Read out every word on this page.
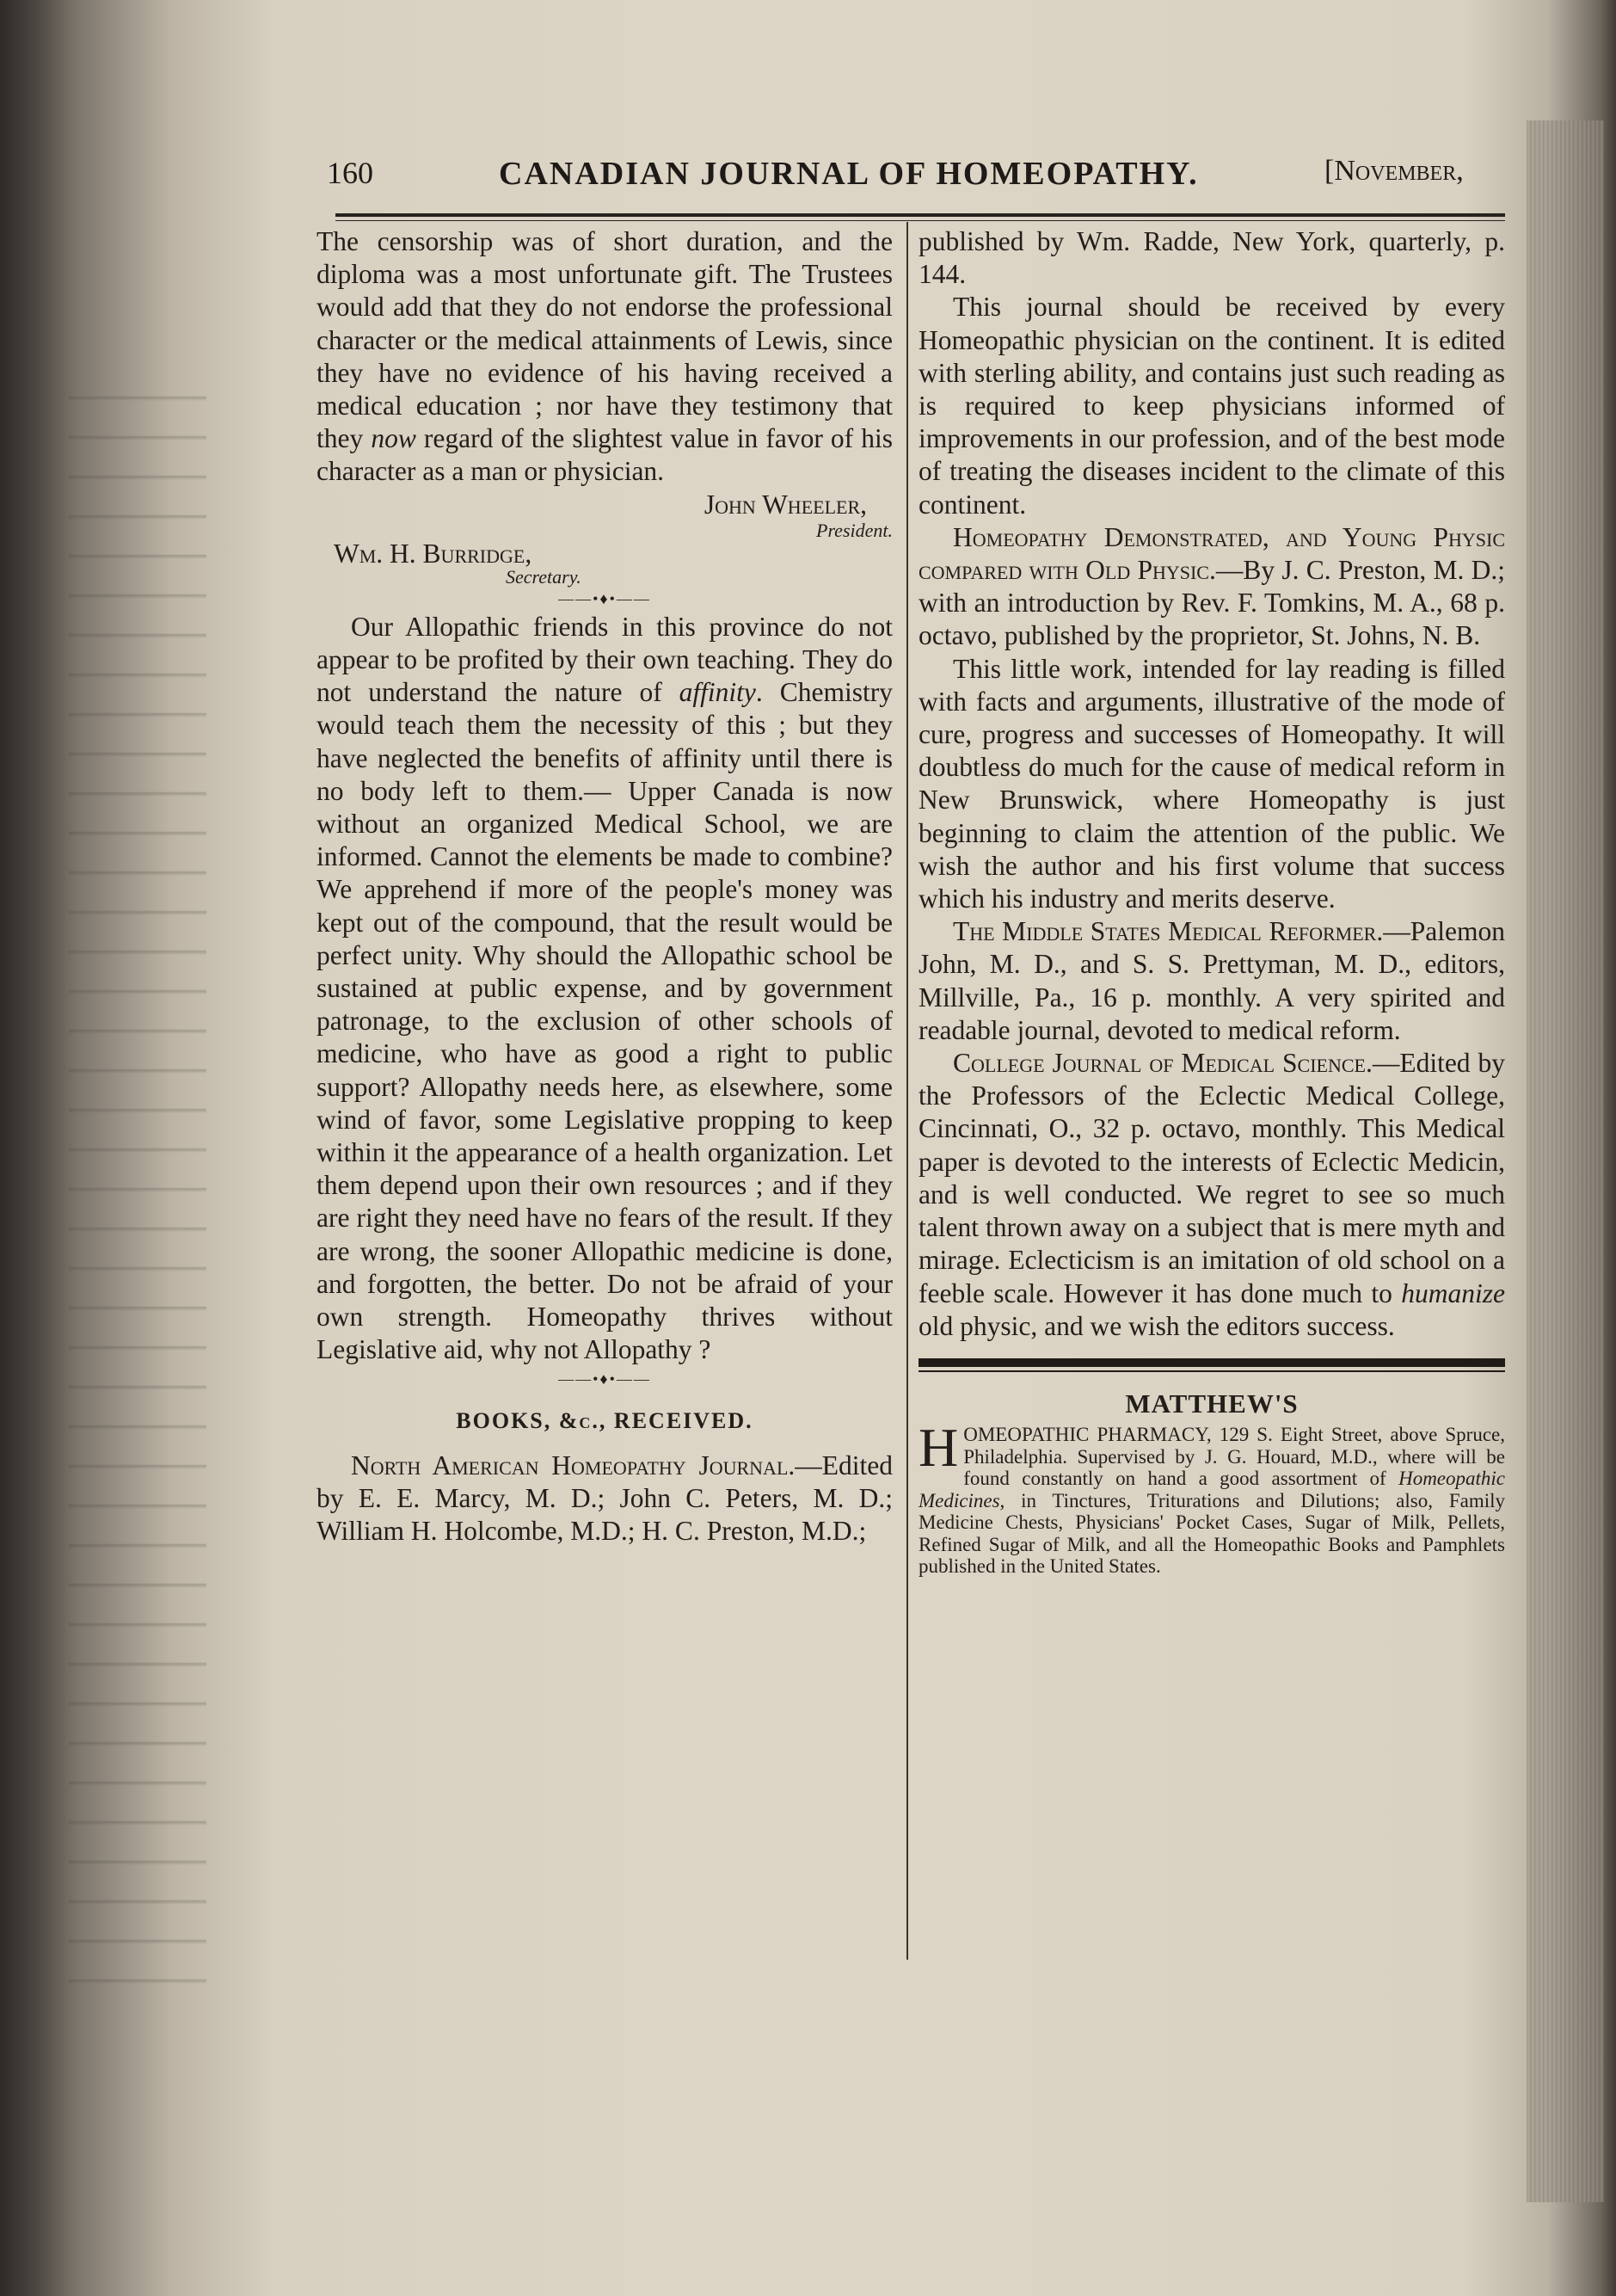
160	CANADIAN JOURNAL OF HOMEOPATHY.	[November,

The censorship was of short duration, and the diploma was a most unfortunate gift. The Trustees would add that they do not endorse the professional character or the medical attainments of Lewis, since they have no evidence of his having received a medical education ; nor have they testimony that they now regard of the slightest value in favor of his character as a man or physician.

John Wheeler,

President.

Wm. H. Burridge,

Secretary.

——•♦•——

Our Allopathic friends in this province do not appear to be profited by their own teaching. They do not understand the nature of affinity. Chemistry would teach them the necessity of this ; but they have neglected the benefits of affinity until there is no body left to them.— Upper Canada is now without an organized Medical School, we are informed. Cannot the elements be made to combine? We apprehend if more of the people's money was kept out of the compound, that the result would be perfect unity. Why should the Allopathic school be sustained at public expense, and by government patronage, to the exclusion of other schools of medicine, who have as good a right to public support? Allopathy needs here, as elsewhere, some wind of favor, some Legislative propping to keep within it the appearance of a health organization. Let them depend upon their own resources ; and if they are right they need have no fears of the result. If they are wrong, the sooner Allopathic medicine is done, and forgotten, the better. Do not be afraid of your own strength. Homeopathy thrives without Legislative aid, why not Allopathy ?

——•♦•——

BOOKS, &c., RECEIVED.

North American Homeopathy Journal.—Edited by E. E. Marcy, M. D.; John C. Peters, M. D.; William H. Holcombe, M.D.; H. C. Preston, M.D.;

published by Wm. Radde, New York, quarterly, p. 144.

This journal should be received by every Homeopathic physician on the continent. It is edited with sterling ability, and contains just such reading as is required to keep physicians informed of improvements in our profession, and of the best mode of treating the diseases incident to the climate of this continent.

Homeopathy Demonstrated, and Young Physic compared with Old Physic.—By J. C. Preston, M. D.; with an introduction by Rev. F. Tomkins, M. A., 68 p. octavo, published by the proprietor, St. Johns, N. B.

This little work, intended for lay reading is filled with facts and arguments, illustrative of the mode of cure, progress and successes of Homeopathy. It will doubtless do much for the cause of medical reform in New Brunswick, where Homeopathy is just beginning to claim the attention of the public. We wish the author and his first volume that success which his industry and merits deserve.

The Middle States Medical Reformer.—Palemon John, M. D., and S. S. Prettyman, M. D., editors, Millville, Pa., 16 p. monthly. A very spirited and readable journal, devoted to medical reform.

College Journal of Medical Science.—Edited by the Professors of the Eclectic Medical College, Cincinnati, O., 32 p. octavo, monthly. This Medical paper is devoted to the interests of Eclectic Medicin, and is well conducted. We regret to see so much talent thrown away on a subject that is mere myth and mirage. Eclecticism is an imitation of old school on a feeble scale. However it has done much to humanize old physic, and we wish the editors success.

MATTHEW'S

HOMEOPATHIC PHARMACY, 129 S. Eight Street, above Spruce, Philadelphia. Supervised by J. G. Houard, M.D., where will be found constantly on hand a good assortment of Homeopathic Medicines, in Tinctures, Triturations and Dilutions; also, Family Medicine Chests, Physicians' Pocket Cases, Sugar of Milk, Pellets, Refined Sugar of Milk, and all the Homeopathic Books and Pamphlets published in the United States.
